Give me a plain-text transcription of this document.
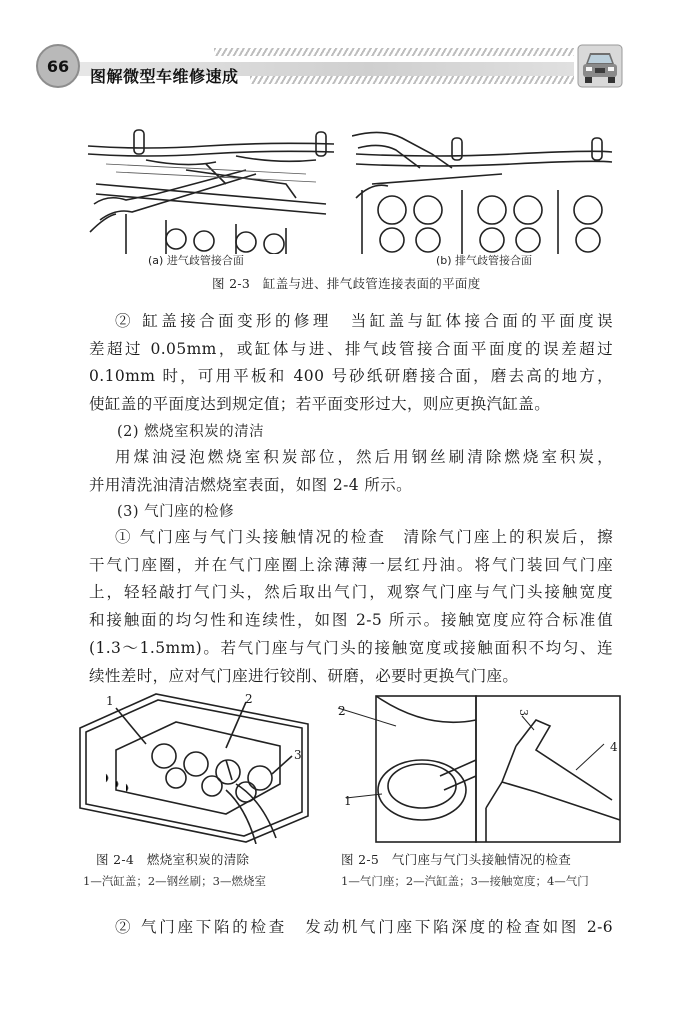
66
图解微型车维修速成
(a) 进气歧管接合面	(b) 排气歧管接合面
图 2-3　缸盖与进、排气歧管连接表面的平面度
② 缸盖接合面变形的修理　当缸盖与缸体接合面的平面度误
差超过 0.05mm，或缸体与进、排气歧管接合面平面度的误差超过
0.10mm 时，可用平板和 400 号砂纸研磨接合面，磨去高的地方，
使缸盖的平面度达到规定值；若平面变形过大，则应更换汽缸盖。
(2) 燃烧室积炭的清洁
用煤油浸泡燃烧室积炭部位，然后用钢丝刷清除燃烧室积炭，
并用清洗油清洁燃烧室表面，如图 2-4 所示。
(3) 气门座的检修
① 气门座与气门头接触情况的检查　清除气门座上的积炭后，擦
干气门座圈，并在气门座圈上涂薄薄一层红丹油。将气门装回气门座
上，轻轻敲打气门头，然后取出气门，观察气门座与气门头接触宽度
和接触面的均匀性和连续性，如图 2-5 所示。接触宽度应符合标准值
(1.3～1.5mm)。若气门座与气门头的接触宽度或接触面积不均匀、连
续性差时，应对气门座进行铰削、研磨，必要时更换气门座。
1	2
3
图 2-4　燃烧室积炭的清除
1—汽缸盖；2—钢丝刷；3—燃烧室
2
1
3
4
图 2-5　气门座与气门头接触情况的检查
1—气门座；2—汽缸盖；3—接触宽度；4—气门
② 气门座下陷的检查　发动机气门座下陷深度的检查如图 2-6
